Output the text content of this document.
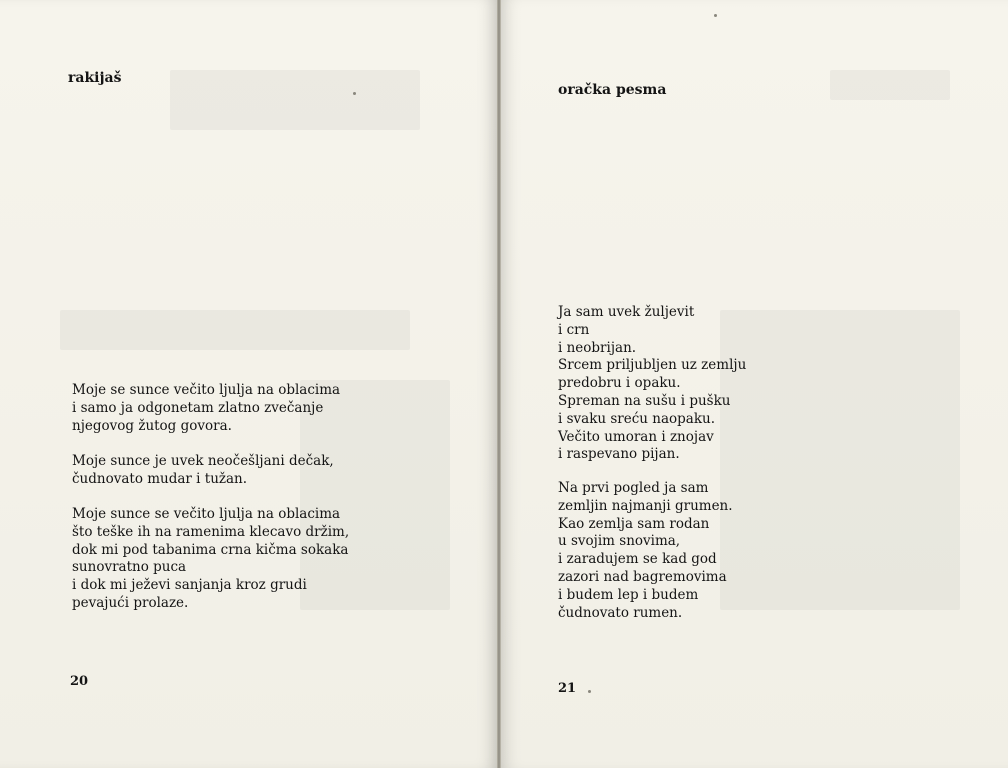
rakijaš
Moje se sunce večito ljulja na oblacima
i samo ja odgonetam zlatno zvečanje
njegovog žutog govora.
Moje sunce je uvek neočešljani dečak,
čudnovato mudar i tužan.
Moje sunce se večito ljulja na oblacima
što teške ih na ramenima klecavo držim,
dok mi pod tabanima crna kičma sokaka
sunovratno puca
i dok mi ježevi sanjanja kroz grudi
pevajući prolaze.

20

oračka pesma
Ja sam uvek žuljevit
i crn
i neobrijan.
Srcem priljubljen uz zemlju
predobru i opaku.
Spreman na sušu i pušku
i svaku sreću naopaku.
Večito umoran i znojav
i raspevano pijan.
Na prvi pogled ja sam
zemljin najmanji grumen.
Kao zemlja sam rodan
u svojim snovima,
i zaradujem se kad god
zazori nad bagremovima
i budem lep i budem
čudnovato rumen.

21
